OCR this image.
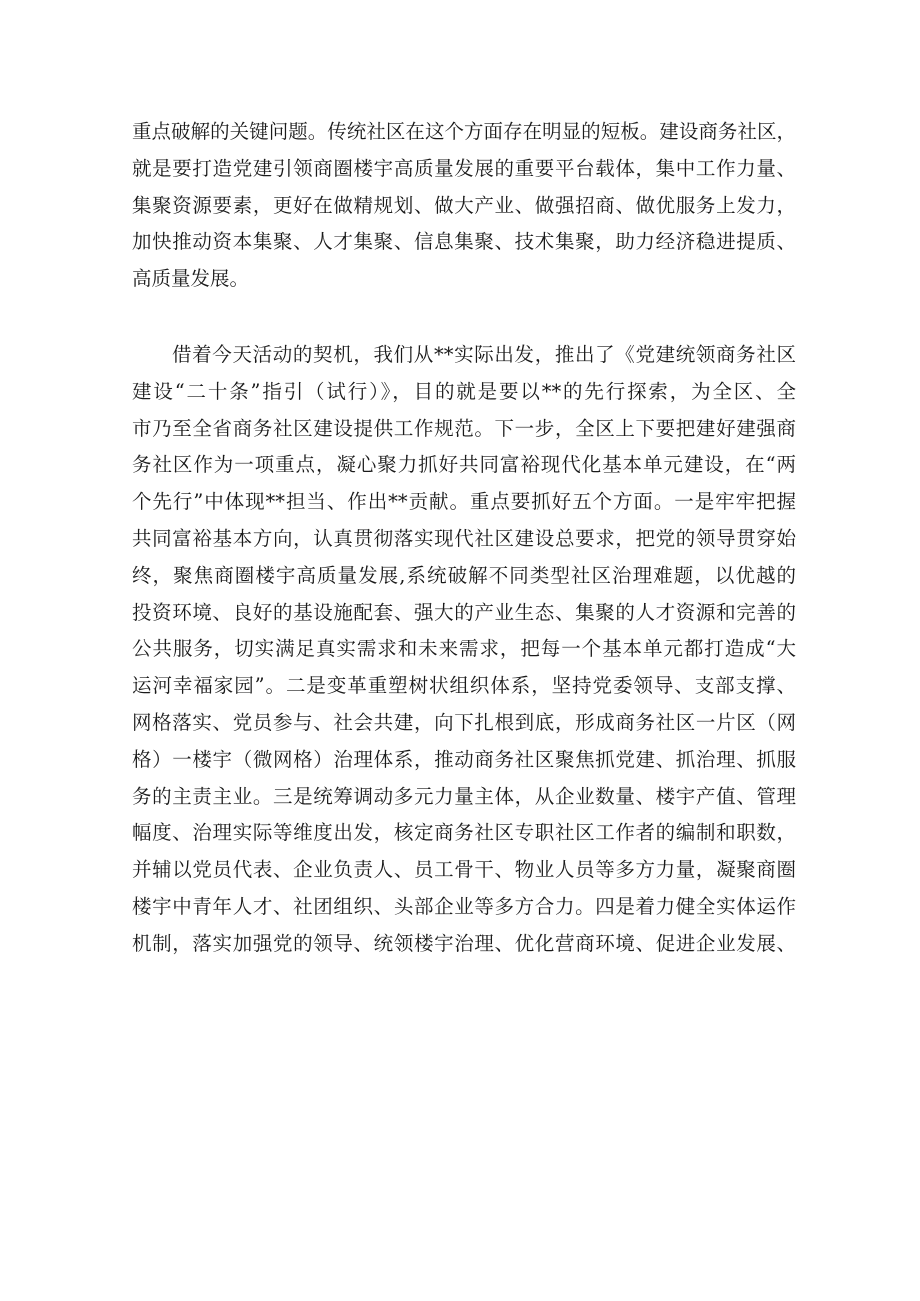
重点破解的关键问题。传统社区在这个方面存在明显的短板。建设商务社区，
就是要打造党建引领商圈楼宇高质量发展的重要平台载体，集中工作力量、
集聚资源要素，更好在做精规划、做大产业、做强招商、做优服务上发力，
加快推动资本集聚、人才集聚、信息集聚、技术集聚，助力经济稳进提质、
高质量发展。
借着今天活动的契机，我们从**实际出发，推出了《党建统领商务社区
建设“二十条”指引（试行）》，目的就是要以**的先行探索，为全区、全
市乃至全省商务社区建设提供工作规范。下一步，全区上下要把建好建强商
务社区作为一项重点，凝心聚力抓好共同富裕现代化基本单元建设，在“两
个先行”中体现**担当、作出**贡献。重点要抓好五个方面。一是牢牢把握
共同富裕基本方向，认真贯彻落实现代社区建设总要求，把党的领导贯穿始
终，聚焦商圈楼宇高质量发展,系统破解不同类型社区治理难题，以优越的
投资环境、良好的基设施配套、强大的产业生态、集聚的人才资源和完善的
公共服务，切实满足真实需求和未来需求，把每一个基本单元都打造成“大
运河幸福家园”。二是变革重塑树状组织体系，坚持党委领导、支部支撑、
网格落实、党员参与、社会共建，向下扎根到底，形成商务社区一片区（网
格）一楼宇（微网格）治理体系，推动商务社区聚焦抓党建、抓治理、抓服
务的主责主业。三是统筹调动多元力量主体，从企业数量、楼宇产值、管理
幅度、治理实际等维度出发，核定商务社区专职社区工作者的编制和职数，
并辅以党员代表、企业负责人、员工骨干、物业人员等多方力量，凝聚商圈
楼宇中青年人才、社团组织、头部企业等多方合力。四是着力健全实体运作
机制，落实加强党的领导、统领楼宇治理、优化营商环境、促进企业发展、
